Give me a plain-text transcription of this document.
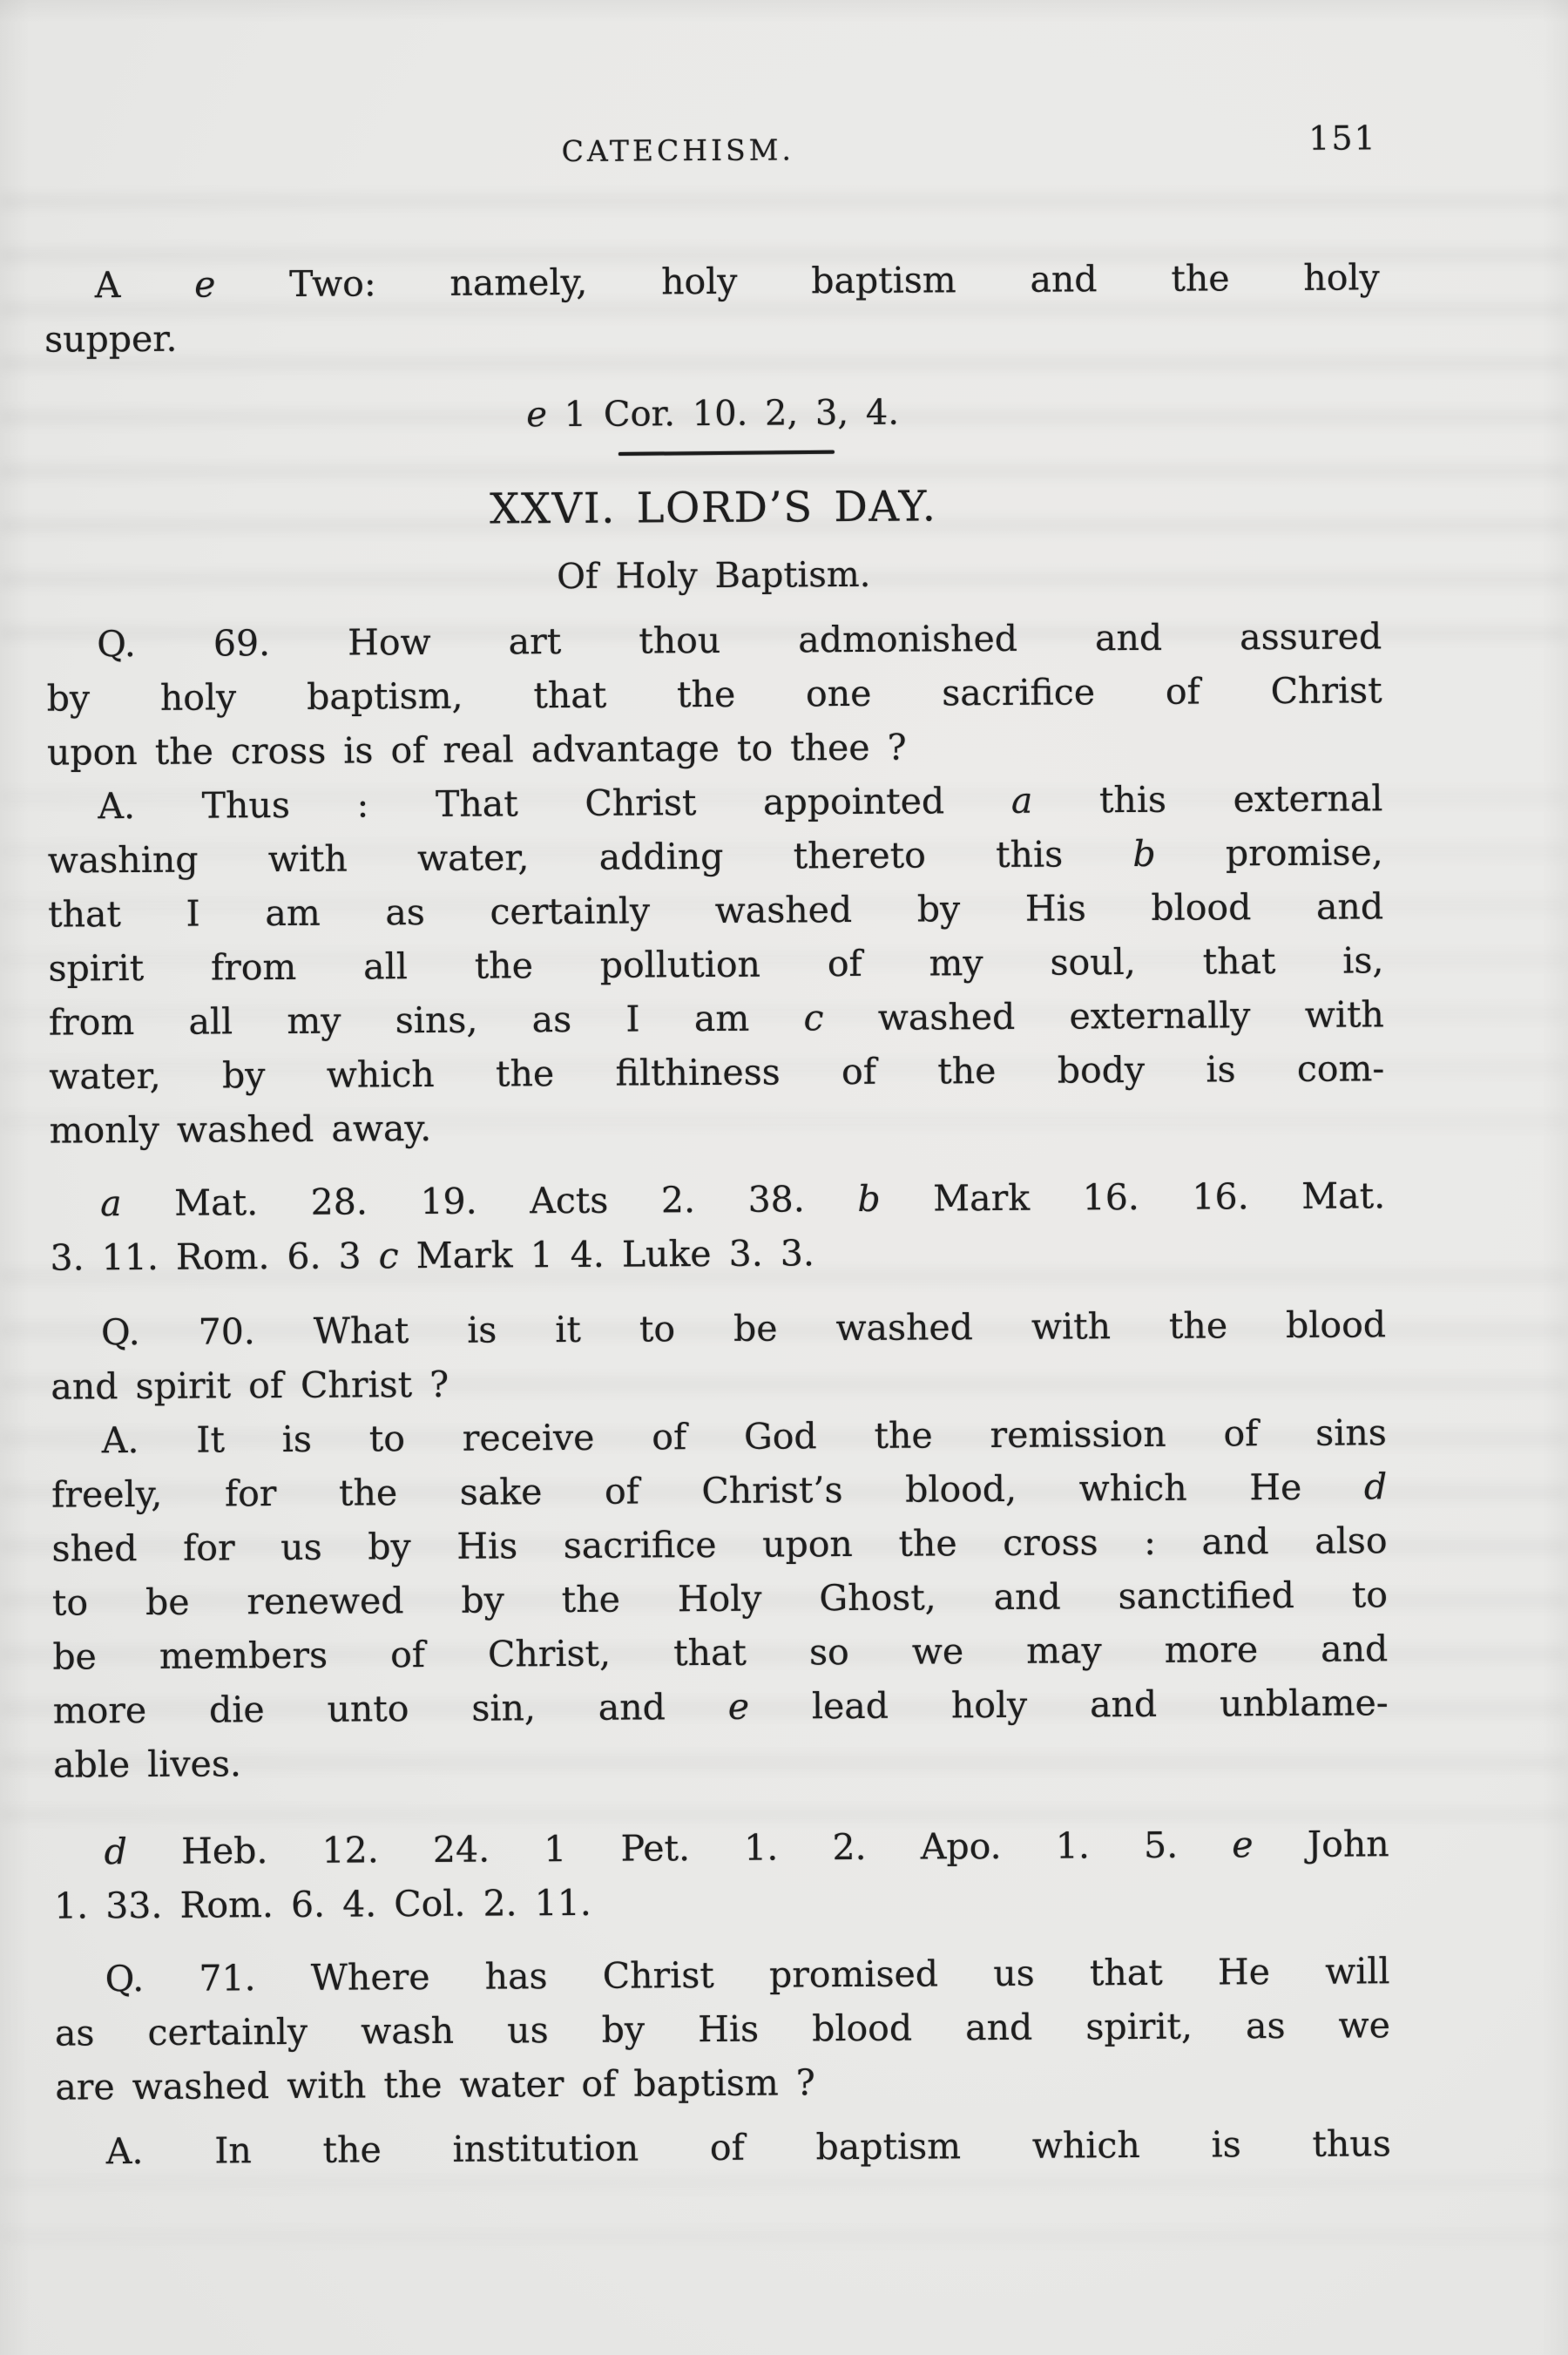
CATECHISM.	151
A e Two: namely, holy baptism and the holy
supper.
e 1 Cor. 10. 2, 3, 4.
XXVI. LORD’S DAY.
Of Holy Baptism.
Q. 69. How art thou admonished and assured
by holy baptism, that the one sacrifice of Christ
upon the cross is of real advantage to thee ?
A. Thus : That Christ appointed a this external
washing with water, adding thereto this b promise,
that I am as certainly washed by His blood and
spirit from all the pollution of my soul, that is,
from all my sins, as I am c washed externally with
water, by which the filthiness of the body is com-
monly washed away.
a Mat. 28. 19. Acts 2. 38. b Mark 16. 16. Mat.
3. 11. Rom. 6. 3 c Mark 1 4. Luke 3. 3.
Q. 70. What is it to be washed with the blood
and spirit of Christ ?
A. It is to receive of God the remission of sins
freely, for the sake of Christ’s blood, which He d
shed for us by His sacrifice upon the cross : and also
to be renewed by the Holy Ghost, and sanctified to
be members of Christ, that so we may more and
more die unto sin, and e lead holy and unblame-
able lives.
d Heb. 12. 24. 1 Pet. 1. 2. Apo. 1. 5. e John
1. 33. Rom. 6. 4. Col. 2. 11.
Q. 71. Where has Christ promised us that He will
as certainly wash us by His blood and spirit, as we
are washed with the water of baptism ?
A. In the institution of baptism which is thus
